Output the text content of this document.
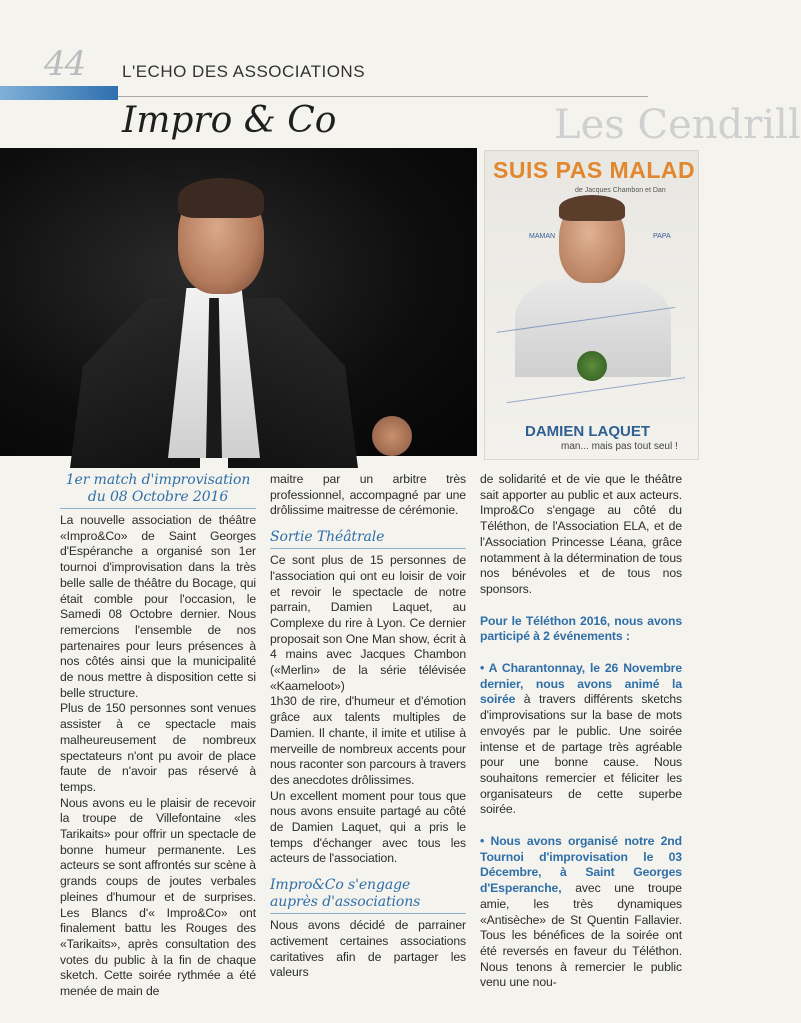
44 L'ECHO DES ASSOCIATIONS
Les Cendrill
Impro & Co
SUIS PAS MALAD
de Jacques Chambon et Dan
MAMAN	PAPA
DAMIEN LAQUET
man... mais pas tout seul !

1er match d'improvisation

du 08 Octobre 2016

La nouvelle association de théâtre «Impro&Co» de Saint Georges d'Espéranche a organisé son 1er tournoi d'improvisation dans la très belle salle de théâtre du Bocage, qui était comble pour l'occasion, le Samedi 08 Octobre dernier. Nous remercions l'ensemble de nos partenaires pour leurs présences à nos côtés ainsi que la municipalité de nous mettre à disposition cette si belle structure.

Plus de 150 personnes sont venues assister à ce spectacle mais malheureusement de nombreux spectateurs n'ont pu avoir de place faute de n'avoir pas réservé à temps.

Nous avons eu le plaisir de recevoir la troupe de Villefontaine «les Tarikaits» pour offrir un spectacle de bonne humeur permanente. Les acteurs se sont affrontés sur scène à grands coups de joutes verbales pleines d'humour et de surprises. Les Blancs d'« Impro&Co» ont finalement battu les Rouges des «Tarikaits», après consultation des votes du public à la fin de chaque sketch. Cette soirée rythmée a été menée de main de

maitre par un arbitre très professionnel, accompagné par une drôlissime maitresse de cérémonie.

Sortie Théâtrale

Ce sont plus de 15 personnes de l'association qui ont eu loisir de voir et revoir le spectacle de notre parrain, Damien Laquet, au Complexe du rire à Lyon. Ce dernier proposait son One Man show, écrit à 4 mains avec Jacques Chambon («Merlin» de la série télévisée «Kaameloot»)

1h30 de rire, d'humeur et d'émotion grâce aux talents multiples de Damien. Il chante, il imite et utilise à merveille de nombreux accents pour nous raconter son parcours à travers des anecdotes drôlissimes.

Un excellent moment pour tous que nous avons ensuite partagé au côté de Damien Laquet, qui a pris le temps d'échanger avec tous les acteurs de l'association.

Impro&Co s'engage

auprès d'associations

Nous avons décidé de parrainer activement certaines associations caritatives afin de partager les valeurs

de solidarité et de vie que le théâtre sait apporter au public et aux acteurs. Impro&Co s'engage au côté du Téléthon, de l'Association ELA, et de l'Association Princesse Léana, grâce notamment à la détermination de tous nos bénévoles et de tous nos sponsors.

Pour le Téléthon 2016, nous avons participé à 2 événements :

• A Charantonnay, le 26 Novembre dernier, nous avons animé la soirée à travers différents sketchs d'improvisations sur la base de mots envoyés par le public. Une soirée intense et de partage très agréable pour une bonne cause. Nous souhaitons remercier et féliciter les organisateurs de cette superbe soirée.

• Nous avons organisé notre 2nd Tournoi d'improvisation le 03 Décembre, à Saint Georges d'Esperanche, avec une troupe amie, les très dynamiques «Antisèche» de St Quentin Fallavier. Tous les bénéfices de la soirée ont été reversés en faveur du Téléthon. Nous tenons à remercier le public venu une nou-
